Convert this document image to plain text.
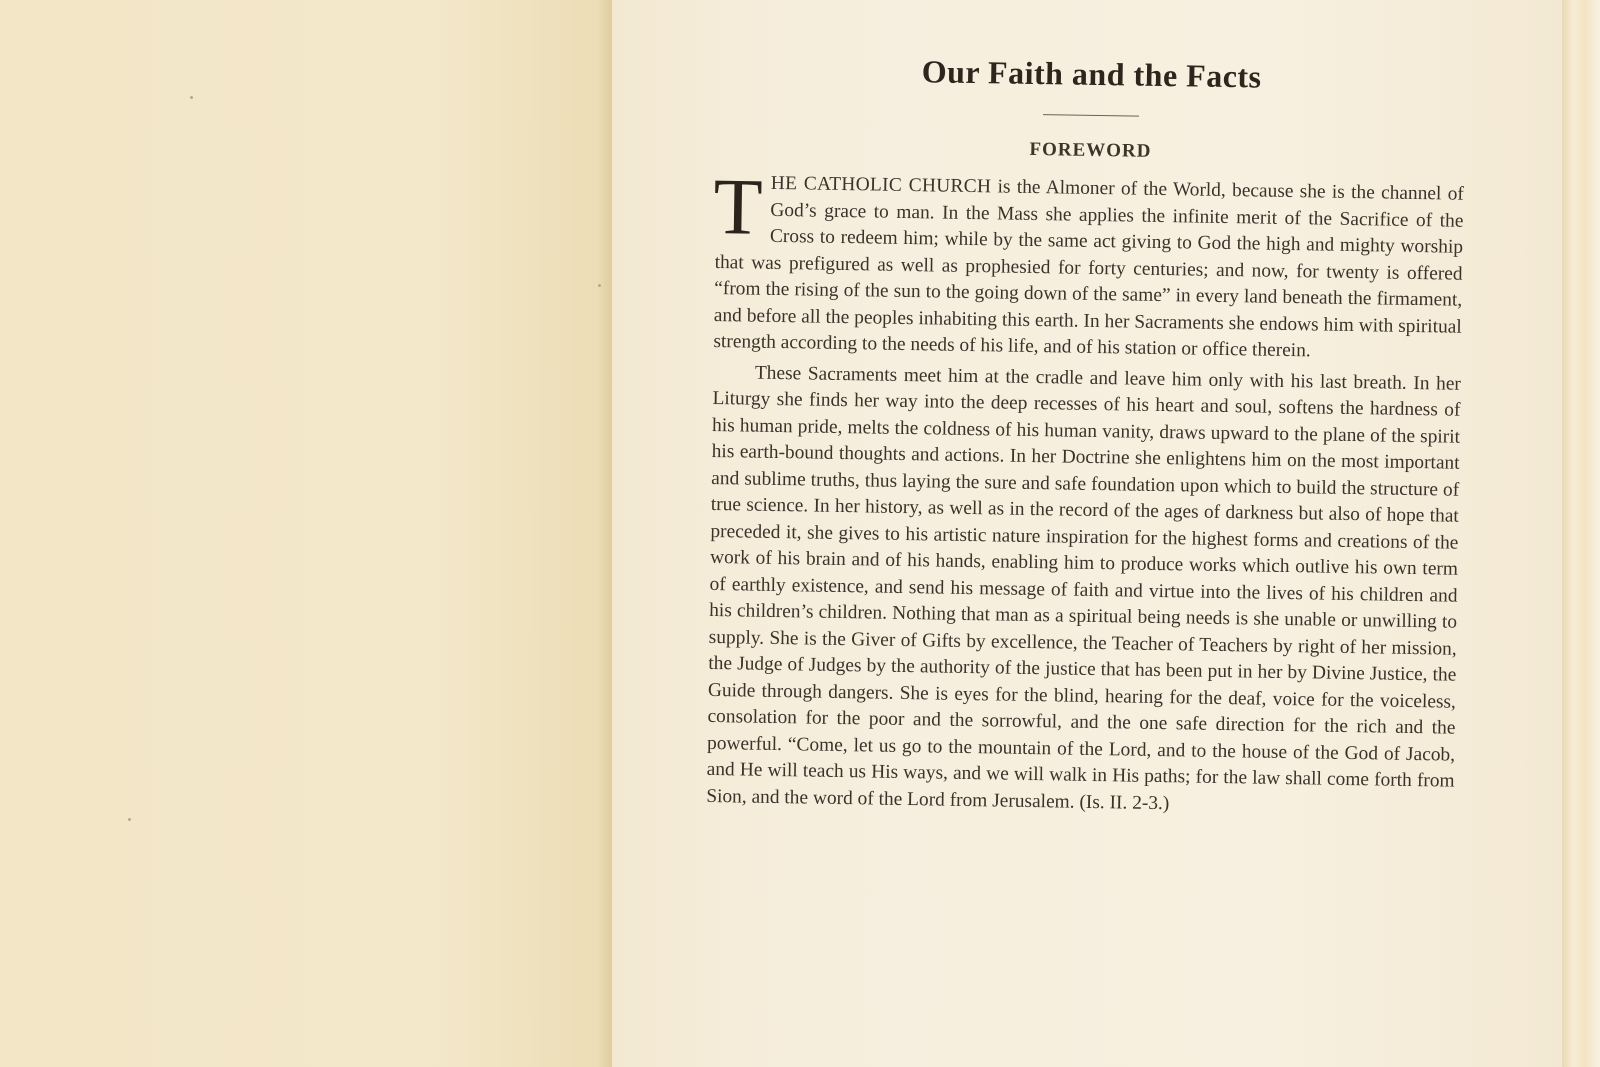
Our Faith and the Facts
FOREWORD

THE CATHOLIC CHURCH is the Almoner of the World, because she is the channel of God’s grace to man. In the Mass she applies the infinite merit of the Sacrifice of the Cross to redeem him; while by the same act giving to God the high and mighty worship that was prefigured as well as prophesied for forty centuries; and now, for twenty is offered “from the rising of the sun to the going down of the same” in every land beneath the firmament, and before all the peoples inhabiting this earth. In her Sacraments she endows him with spiritual strength according to the needs of his life, and of his station or office therein.

These Sacraments meet him at the cradle and leave him only with his last breath. In her Liturgy she finds her way into the deep recesses of his heart and soul, softens the hardness of his human pride, melts the coldness of his human vanity, draws upward to the plane of the spirit his earth-bound thoughts and actions. In her Doctrine she enlightens him on the most important and sublime truths, thus laying the sure and safe foundation upon which to build the structure of true science. In her history, as well as in the record of the ages of darkness but also of hope that preceded it, she gives to his artistic nature inspiration for the highest forms and creations of the work of his brain and of his hands, enabling him to produce works which outlive his own term of earthly existence, and send his message of faith and virtue into the lives of his children and his children’s children. Nothing that man as a spiritual being needs is she unable or unwilling to supply. She is the Giver of Gifts by excellence, the Teacher of Teachers by right of her mission, the Judge of Judges by the authority of the justice that has been put in her by Divine Justice, the Guide through dangers. She is eyes for the blind, hearing for the deaf, voice for the voiceless, consolation for the poor and the sorrowful, and the one safe direction for the rich and the powerful. “Come, let us go to the mountain of the Lord, and to the house of the God of Jacob, and He will teach us His ways, and we will walk in His paths; for the law shall come forth from Sion, and the word of the Lord from Jerusalem. (Is. II. 2-3.)
